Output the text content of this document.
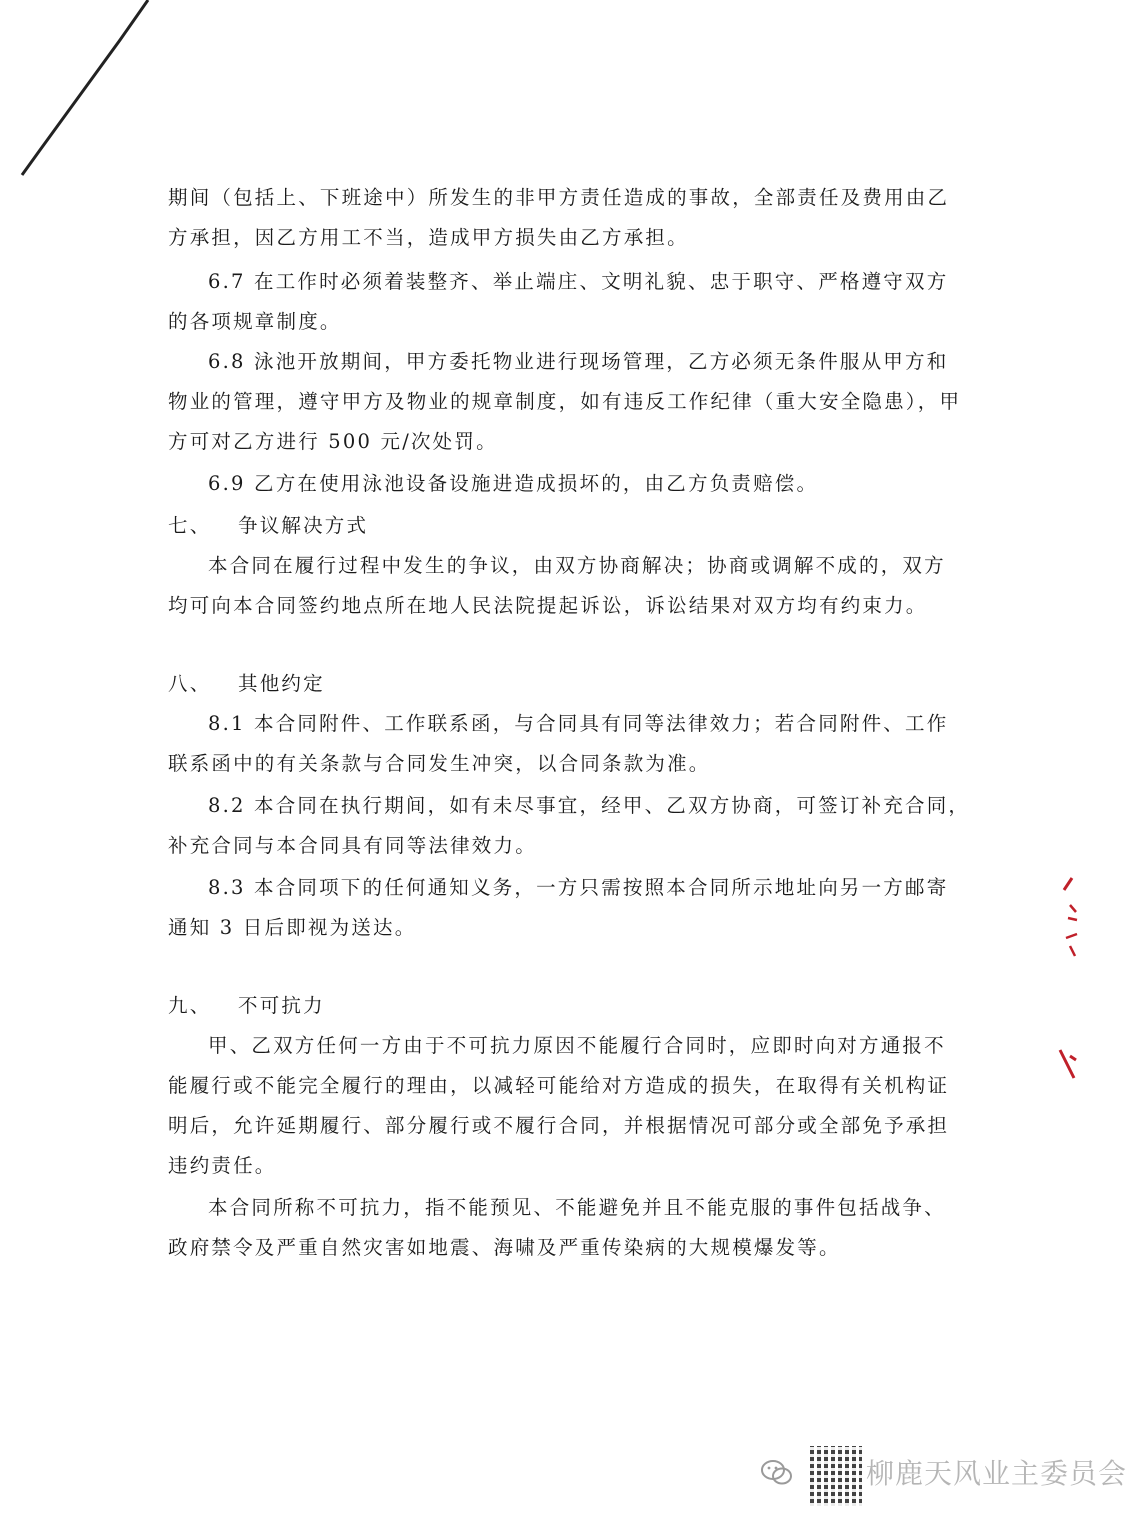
期间（包括上、下班途中）所发生的非甲方责任造成的事故，全部责任及费用由乙
方承担，因乙方用工不当，造成甲方损失由乙方承担。
6.7 在工作时必须着装整齐、举止端庄、文明礼貌、忠于职守、严格遵守双方
的各项规章制度。
6.8 泳池开放期间，甲方委托物业进行现场管理，乙方必须无条件服从甲方和
物业的管理，遵守甲方及物业的规章制度，如有违反工作纪律（重大安全隐患），甲
方可对乙方进行 500 元/次处罚。
6.9 乙方在使用泳池设备设施进造成损坏的，由乙方负责赔偿。
七、 争议解决方式
本合同在履行过程中发生的争议，由双方协商解决；协商或调解不成的，双方
均可向本合同签约地点所在地人民法院提起诉讼，诉讼结果对双方均有约束力。
八、 其他约定
8.1 本合同附件、工作联系函，与合同具有同等法律效力；若合同附件、工作
联系函中的有关条款与合同发生冲突，以合同条款为准。
8.2 本合同在执行期间，如有未尽事宜，经甲、乙双方协商，可签订补充合同，
补充合同与本合同具有同等法律效力。
8.3 本合同项下的任何通知义务，一方只需按照本合同所示地址向另一方邮寄
通知 3 日后即视为送达。
九、 不可抗力
甲、乙双方任何一方由于不可抗力原因不能履行合同时，应即时向对方通报不
能履行或不能完全履行的理由，以减轻可能给对方造成的损失，在取得有关机构证
明后，允许延期履行、部分履行或不履行合同，并根据情况可部分或全部免予承担
违约责任。
本合同所称不可抗力，指不能预见、不能避免并且不能克服的事件包括战争、
政府禁令及严重自然灾害如地震、海啸及严重传染病的大规模爆发等。
柳鹿天风业主委员会
